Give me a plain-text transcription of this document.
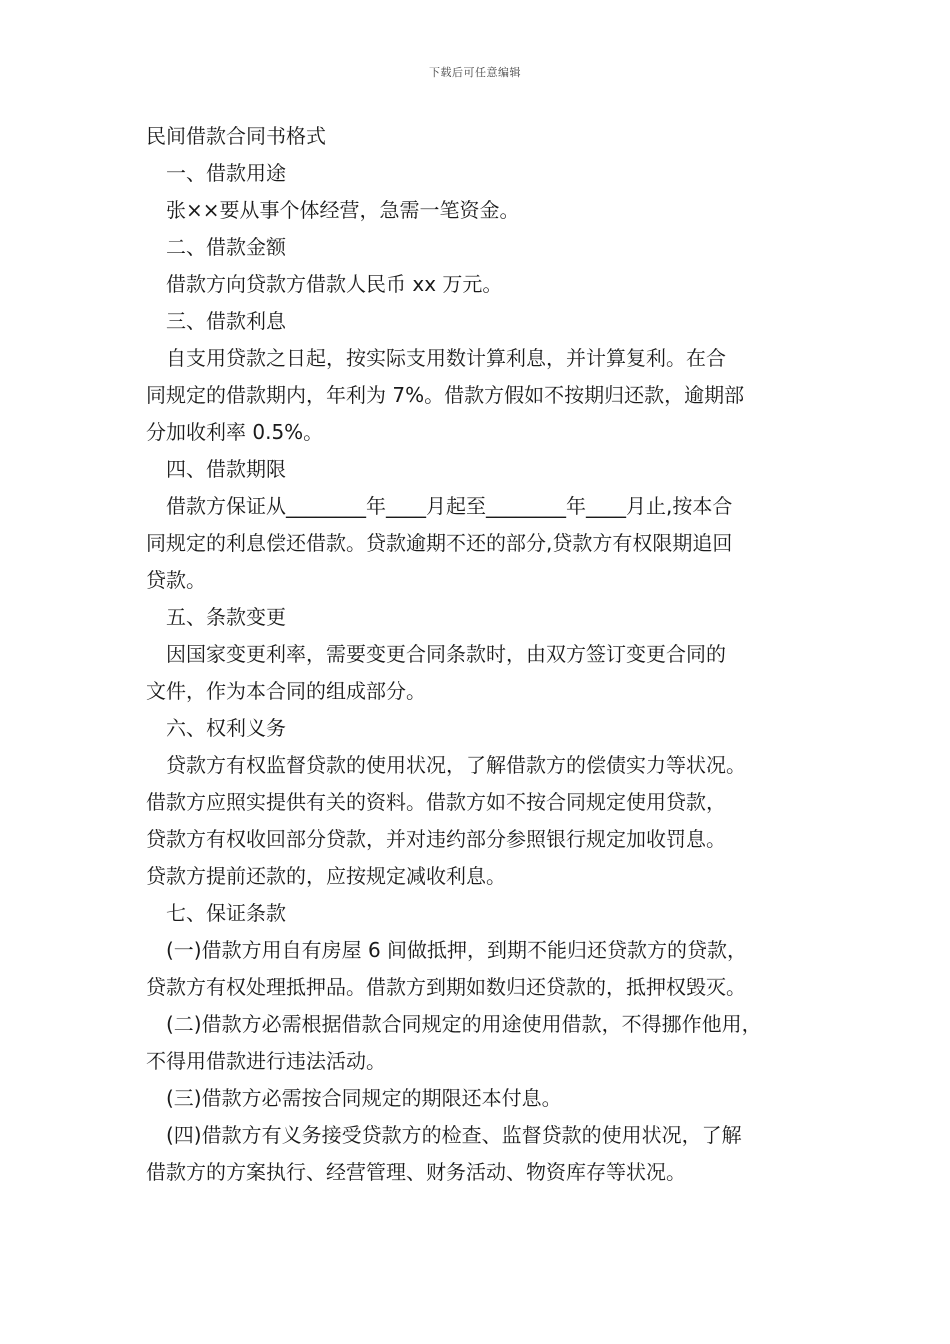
下载后可任意编辑

民间借款合同书格式

一、借款用途

张××要从事个体经营，急需一笔资金。

二、借款金额

借款方向贷款方借款人民币 xx 万元。

三、借款利息

自支用贷款之日起，按实际支用数计算利息，并计算复利。在合

同规定的借款期内，年利为 7%。借款方假如不按期归还款，逾期部

分加收利率 0.5%。

四、借款期限

借款方保证从________年____月起至________年____月止,按本合

同规定的利息偿还借款。贷款逾期不还的部分,贷款方有权限期追回

贷款。

五、条款变更

因国家变更利率，需要变更合同条款时，由双方签订变更合同的

文件，作为本合同的组成部分。

六、权利义务

贷款方有权监督贷款的使用状况，了解借款方的偿债实力等状况。

借款方应照实提供有关的资料。借款方如不按合同规定使用贷款，

贷款方有权收回部分贷款，并对违约部分参照银行规定加收罚息。

贷款方提前还款的，应按规定减收利息。

七、保证条款

(一)借款方用自有房屋 6 间做抵押，到期不能归还贷款方的贷款，

贷款方有权处理抵押品。借款方到期如数归还贷款的，抵押权毁灭。

(二)借款方必需根据借款合同规定的用途使用借款，不得挪作他用，

不得用借款进行违法活动。

(三)借款方必需按合同规定的期限还本付息。

(四)借款方有义务接受贷款方的检查、监督贷款的使用状况，了解

借款方的方案执行、经营管理、财务活动、物资库存等状况。
